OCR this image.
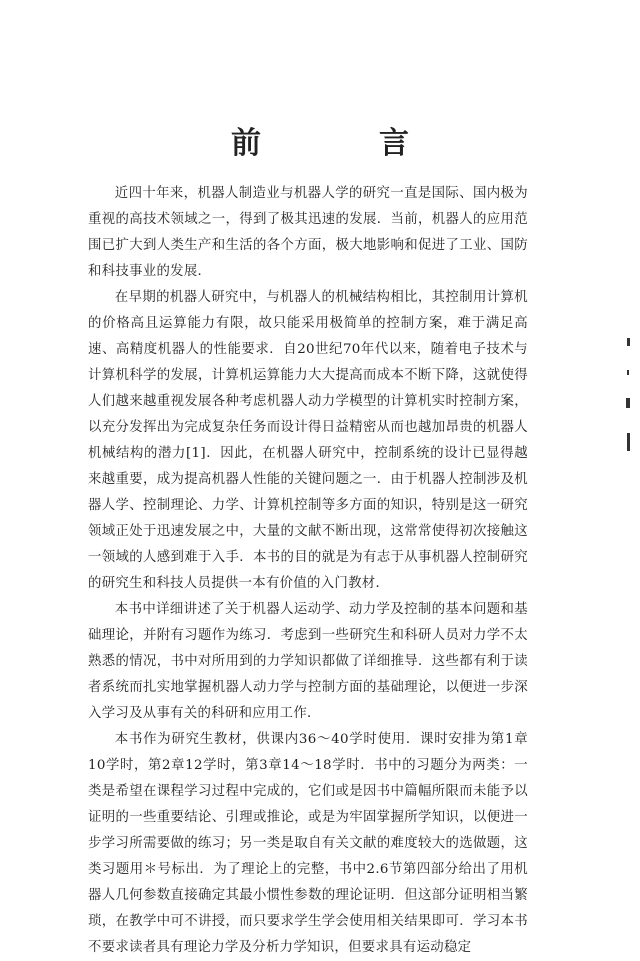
前　言

近四十年来，机器人制造业与机器人学的研究一直是国际、国内极为重视的高技术领域之一，得到了极其迅速的发展．当前，机器人的应用范围已扩大到人类生产和生活的各个方面，极大地影响和促进了工业、国防和科技事业的发展．

在早期的机器人研究中，与机器人的机械结构相比，其控制用计算机的价格高且运算能力有限，故只能采用极简单的控制方案，难于满足高速、高精度机器人的性能要求．自20世纪70年代以来，随着电子技术与计算机科学的发展，计算机运算能力大大提高而成本不断下降，这就使得人们越来越重视发展各种考虑机器人动力学模型的计算机实时控制方案，以充分发挥出为完成复杂任务而设计得日益精密从而也越加昂贵的机器人机械结构的潜力[1]．因此，在机器人研究中，控制系统的设计已显得越来越重要，成为提高机器人性能的关键问题之一．由于机器人控制涉及机器人学、控制理论、力学、计算机控制等多方面的知识，特别是这一研究领域正处于迅速发展之中，大量的文献不断出现，这常常使得初次接触这一领域的人感到难于入手．本书的目的就是为有志于从事机器人控制研究的研究生和科技人员提供一本有价值的入门教材．

本书中详细讲述了关于机器人运动学、动力学及控制的基本问题和基础理论，并附有习题作为练习．考虑到一些研究生和科研人员对力学不太熟悉的情况，书中对所用到的力学知识都做了详细推导．这些都有利于读者系统而扎实地掌握机器人动力学与控制方面的基础理论，以便进一步深入学习及从事有关的科研和应用工作．

本书作为研究生教材，供课内36～40学时使用．课时安排为第1章10学时，第2章12学时，第3章14～18学时．书中的习题分为两类：一类是希望在课程学习过程中完成的，它们或是因书中篇幅所限而未能予以证明的一些重要结论、引理或推论，或是为牢固掌握所学知识，以便进一步学习所需要做的练习；另一类是取自有关文献的难度较大的选做题，这类习题用＊号标出．为了理论上的完整，书中2.6节第四部分给出了用机器人几何参数直接确定其最小惯性参数的理论证明．但这部分证明相当繁琐，在教学中可不讲授，而只要求学生学会使用相关结果即可．学习本书不要求读者具有理论力学及分析力学知识，但要求具有运动稳定
